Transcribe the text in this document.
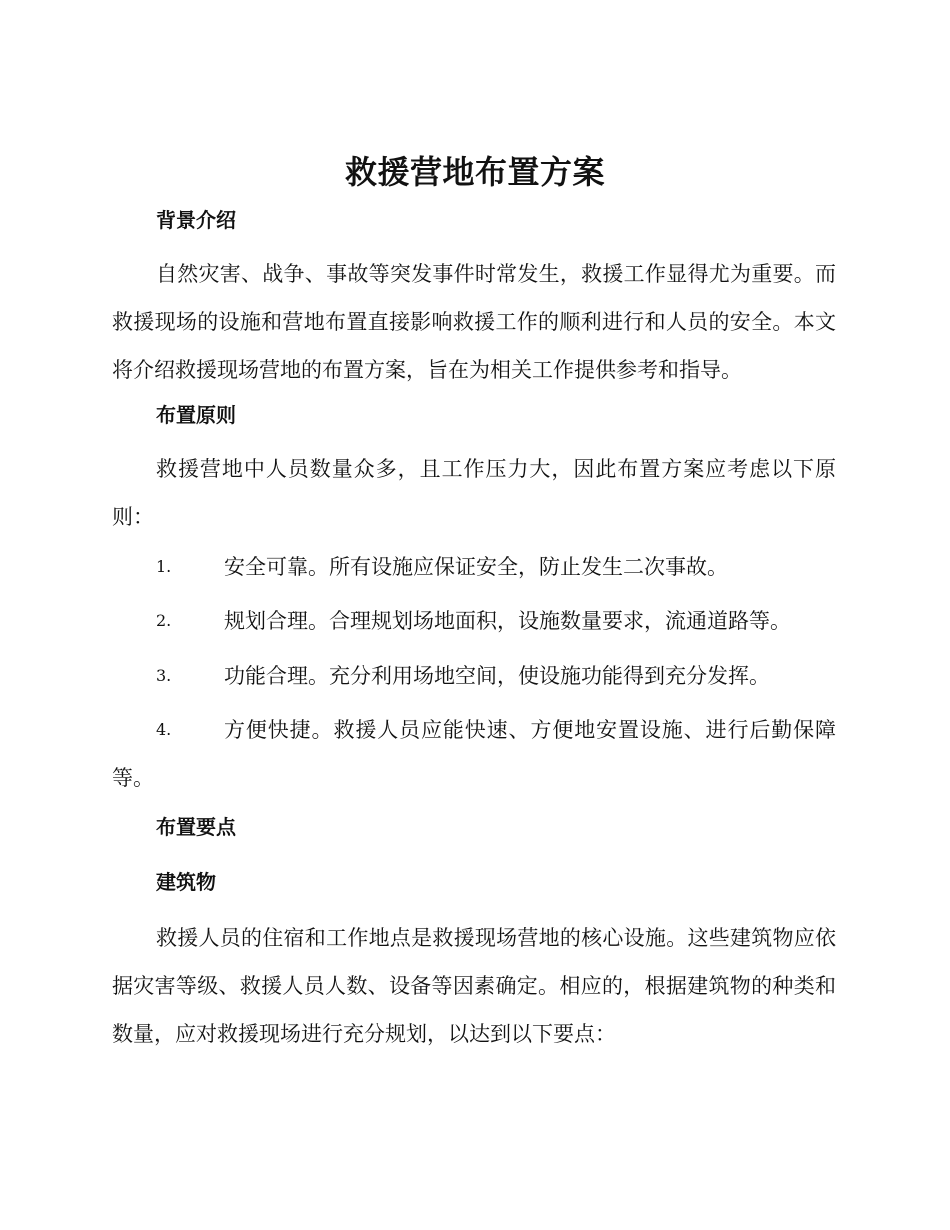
救援营地布置方案
背景介绍

自然灾害、战争、事故等突发事件时常发生，救援工作显得尤为重要。而救援现场的设施和营地布置直接影响救援工作的顺利进行和人员的安全。本文将介绍救援现场营地的布置方案，旨在为相关工作提供参考和指导。

布置原则

救援营地中人员数量众多，且工作压力大，因此布置方案应考虑以下原则：

1.	安全可靠。所有设施应保证安全，防止发生二次事故。
2.	规划合理。合理规划场地面积，设施数量要求，流通道路等。
3.	功能合理。充分利用场地空间，使设施功能得到充分发挥。
4.	方便快捷。救援人员应能快速、方便地安置设施、进行后勤保障等。
布置要点
建筑物

救援人员的住宿和工作地点是救援现场营地的核心设施。这些建筑物应依据灾害等级、救援人员人数、设备等因素确定。相应的，根据建筑物的种类和数量，应对救援现场进行充分规划，以达到以下要点：
